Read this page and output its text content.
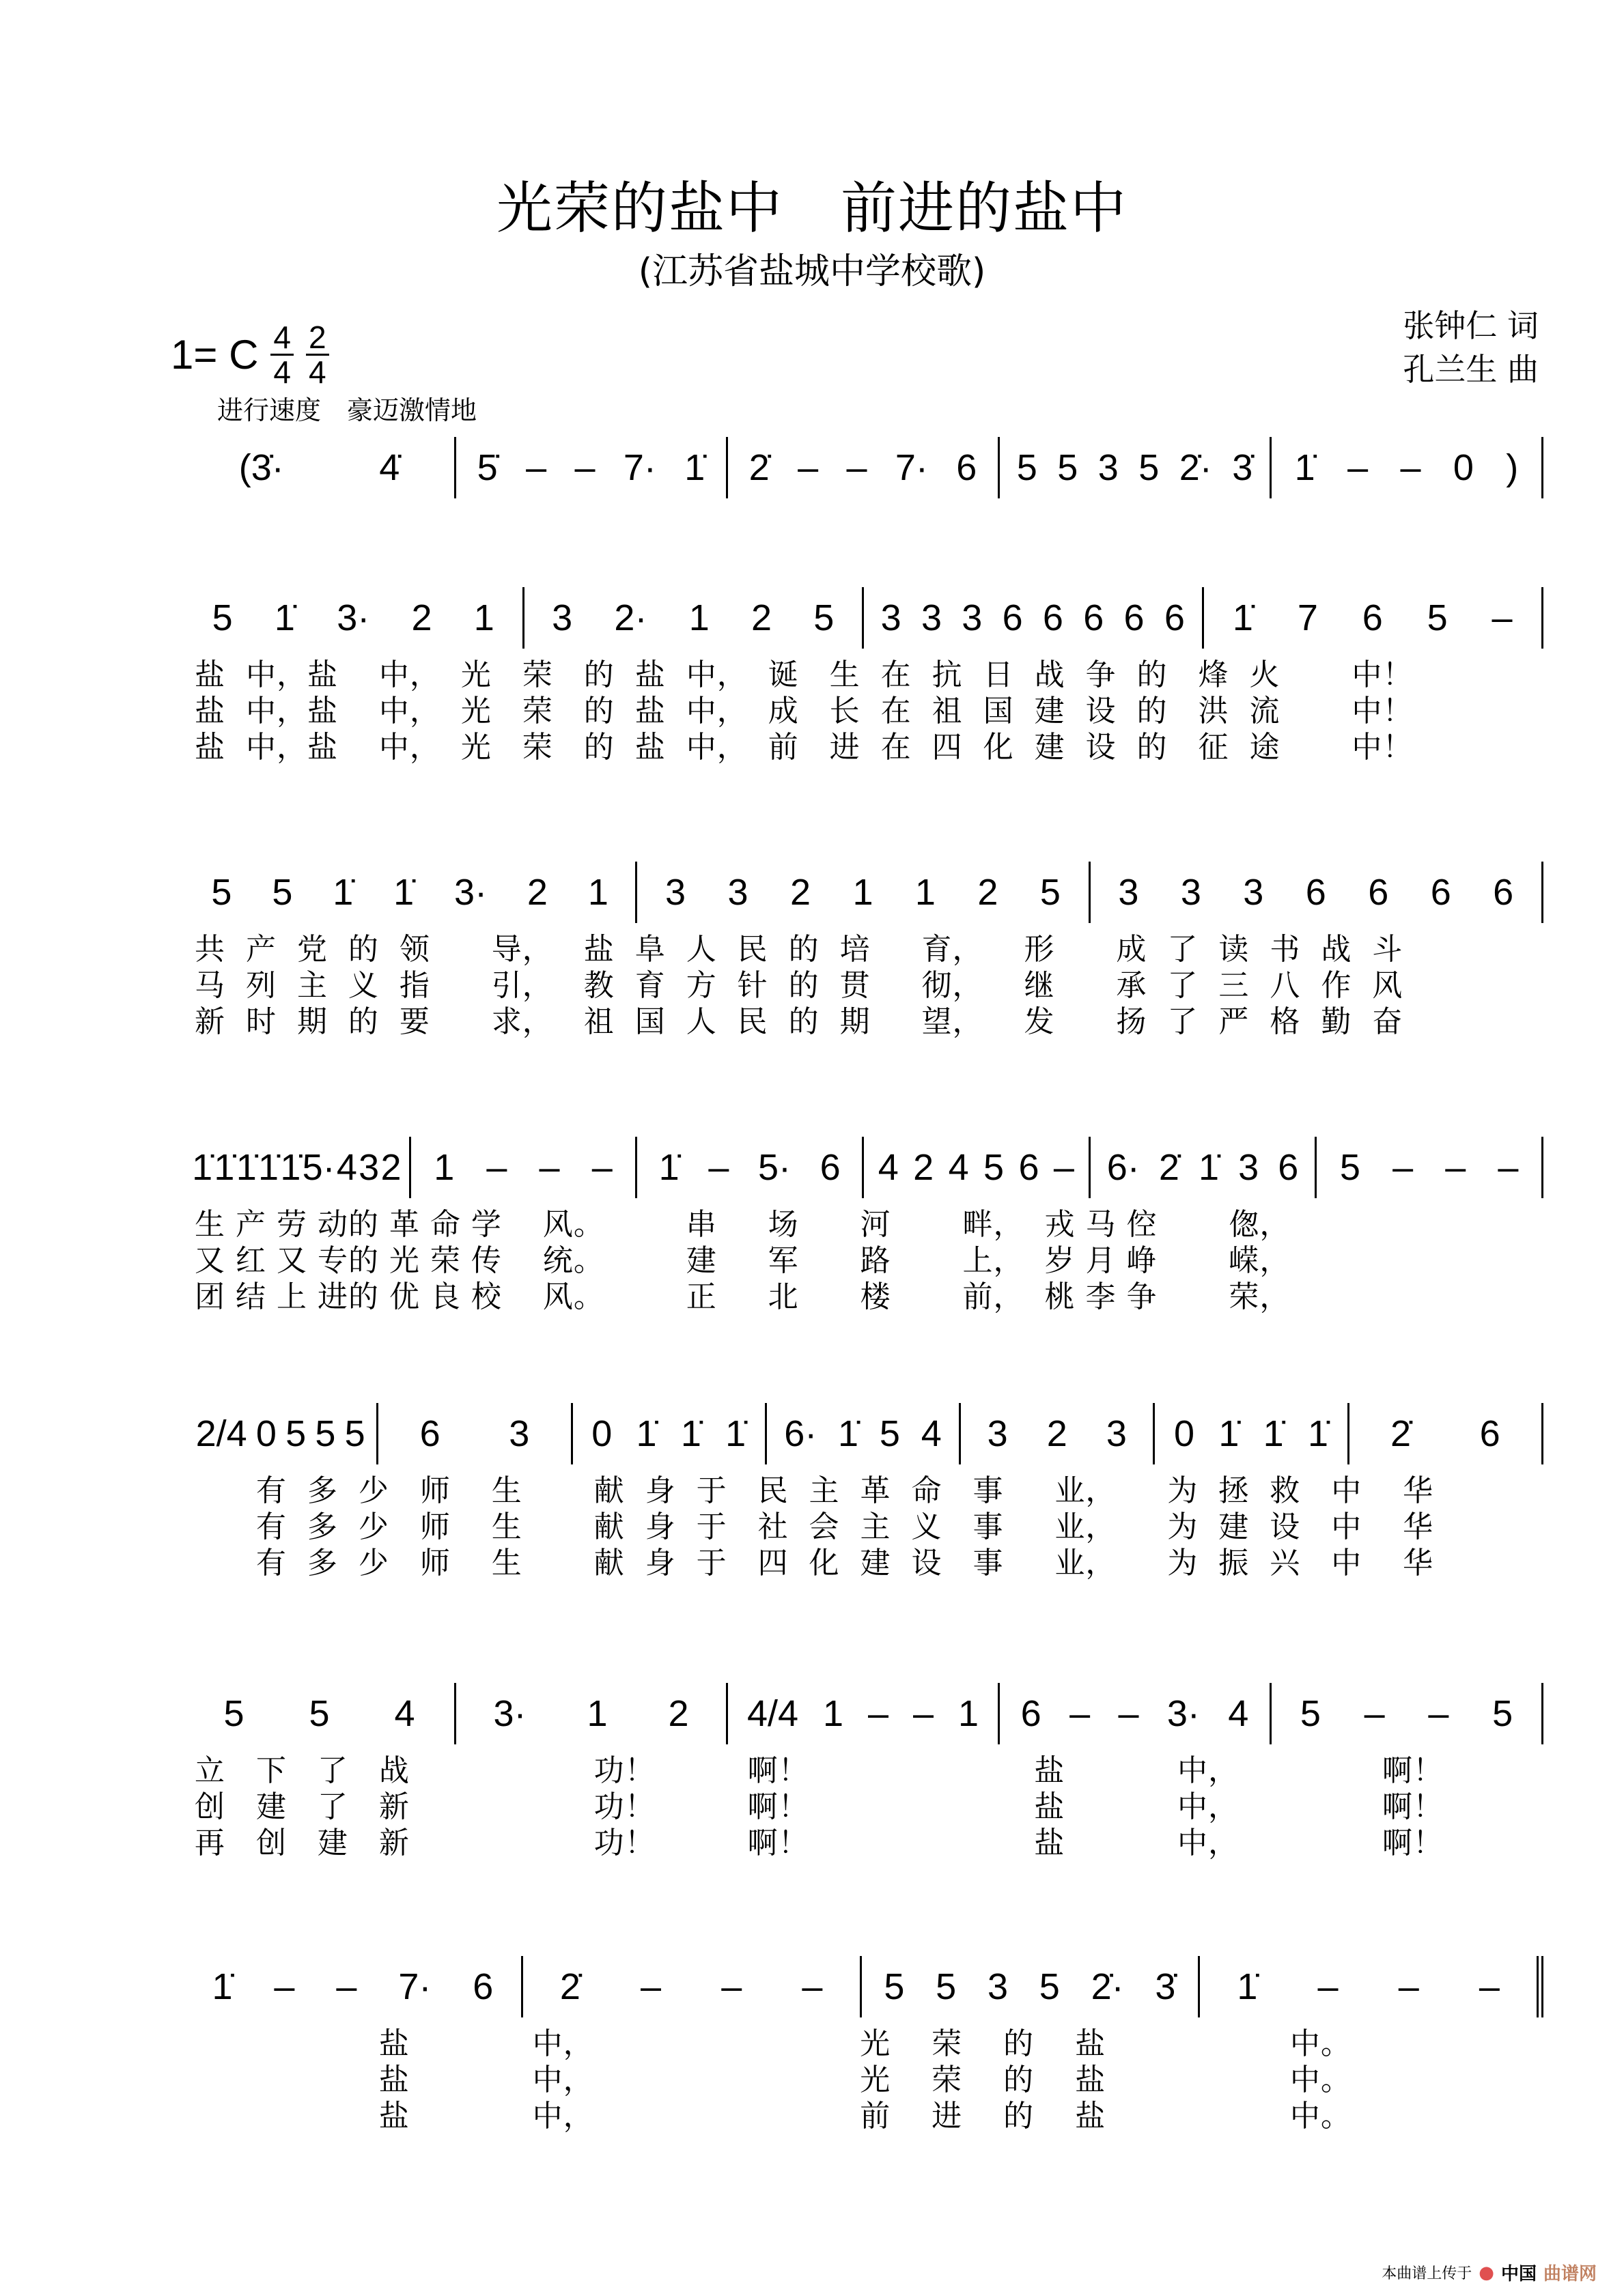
光荣的盐中　前进的盐中
(江苏省盐城中学校歌)
1= C $\frac{4}{4} \frac{2}{4}$	张钟仁 词
孔兰生 曲
进行速度　豪迈激情地
(3̇·	4̇ 5̇ – – 7· 1̇ 2̇ – – 7· 6 5 5 3 5 2̇· 3̇ 1̇ – – 0 )
5 1̇ 3· 2 1 3 2· 1 2 5 3 3 3 6 6 6 6 6 1̇ 7 6 5 –
盐  中，盐    中，  光   荣   的  盐  中，  诞   生  在  抗  日  战  争  的   烽  火       中！
盐  中，盐    中，  光   荣   的  盐  中，  成   长  在  祖  国  建  设  的   洪  流       中！
盐  中，盐    中，  光   荣   的  盐  中，  前   进  在  四  化  建  设  的   征  途       中！
5 5 1̇ 1̇ 3· 2 1 3 3 2 1 1 2 5 3 3 3 6 6 6 6
共  产  党  的  领      导，   盐  阜  人  民  的  培     育，    形      成  了  读  书  战  斗
马  列  主  义  指      引，   教  育  方  针  的  贯     彻，    继      承  了  三  八  作  风
新  时  期  的  要      求，   祖  国  人  民  的  期     望，    发      扬  了  严  格  勤  奋
1̇ 1̇ 1̇ 1̇ 1̇ 5· 4 3 2 1 – – – 1̇ – 5· 6 4 2 4 5 6 – 6· 2̇ 1̇ 3 6 5 – – –
生 产 劳 动的 革 命 学    风。        串     场      河       畔，  戎 马 倥       偬，
又 红 又 专的 光 荣 传    统。        建     军      路       上，  岁 月 峥       嵘，
团 结 上 进的 优 良 校    风。        正     北      楼       前，  桃 李 争       荣，
2/4 0 5 5 5 6 3 0 1̇ 1̇ 1̇ 6· 1̇ 5 4 3 2 3 0 1̇ 1̇ 1̇ 2̇ 6
有  多  少   师    生       献  身  于   民  主  革  命   事     业，     为  拯  救   中    华
有  多  少   师    生       献  身  于   社  会  主  义   事     业，     为  建  设   中    华
有  多  少   师    生       献  身  于   四  化  建  设   事     业，     为  振  兴   中    华
5 5 4 3· 1 2 4/4 1 – – 1 6 – – 3· 4 5 – – 5
立   下   了   战                  功！         啊！                      盐           中，              啊！
创   建   了   新                  功！         啊！                      盐           中，              啊！
再   创   建   新                  功！         啊！                      盐           中，              啊！
1̇ – – 7· 6 2̇ – – – 5 5 3 5 2̇· 3̇ 1̇ – – –
盐            中，                          光    荣    的    盐                  中。
盐            中，                          光    荣    的    盐                  中。
盐            中，                          前    进    的    盐                  中。
本曲谱上传于 ● 中国 曲谱网
